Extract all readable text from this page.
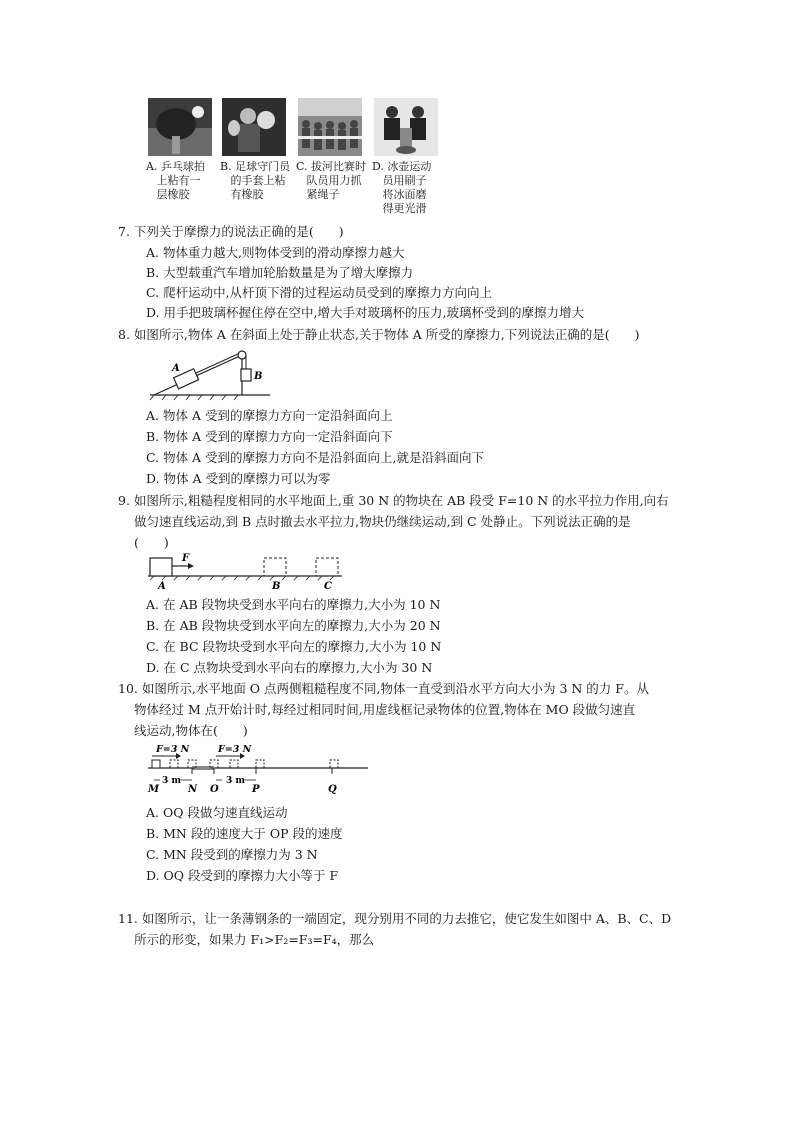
A. 乒乓球拍
上粘有一
层橡胶
B. 足球守门员
的手套上粘
有橡胶
C. 拔河比赛时
队员用力抓
紧绳子
D. 冰壶运动
员用刷子
将冰面磨
得更光滑
7. 下列关于摩擦力的说法正确的是(　　)
A. 物体重力越大,则物体受到的滑动摩擦力越大
B. 大型载重汽车增加轮胎数量是为了增大摩擦力
C. 爬杆运动中,从杆顶下滑的过程运动员受到的摩擦力方向向上
D. 用手把玻璃杯握住停在空中,增大手对玻璃杯的压力,玻璃杯受到的摩擦力增大
8. 如图所示,物体 A 在斜面上处于静止状态,关于物体 A 所受的摩擦力,下列说法正确的是(　　)
A
B
A. 物体 A 受到的摩擦力方向一定沿斜面向上
B. 物体 A 受到的摩擦力方向一定沿斜面向下
C. 物体 A 受到的摩擦力方向不是沿斜面向上,就是沿斜面向下
D. 物体 A 受到的摩擦力可以为零
9. 如图所示,粗糙程度相同的水平地面上,重 30 N 的物块在 AB 段受 F=10 N 的水平拉力作用,向右
做匀速直线运动,到 B 点时撤去水平拉力,物块仍继续运动,到 C 处静止。下列说法正确的是
(　　)
F
A	B	C
A. 在 AB 段物块受到水平向右的摩擦力,大小为 10 N
B. 在 AB 段物块受到水平向左的摩擦力,大小为 20 N
C. 在 BC 段物块受到水平向左的摩擦力,大小为 10 N
D. 在 C 点物块受到水平向右的摩擦力,大小为 30 N
10. 如图所示,水平地面 O 点两侧粗糙程度不同,物体一直受到沿水平方向大小为 3 N 的力 F。从
物体经过 M 点开始计时,每经过相同时间,用虚线框记录物体的位置,物体在 MO 段做匀速直
线运动,物体在(　　)
F=3 N	F=3 N
3 m	3 m
M	N O	P	Q
A. OQ 段做匀速直线运动
B. MN 段的速度大于 OP 段的速度
C. MN 段受到的摩擦力为 3 N
D. OQ 段受到的摩擦力大小等于 F
11. 如图所示，让一条薄钢条的一端固定，现分别用不同的力去推它，使它发生如图中 A、B、C、D
所示的形变，如果力 F₁>F₂=F₃=F₄，那么
